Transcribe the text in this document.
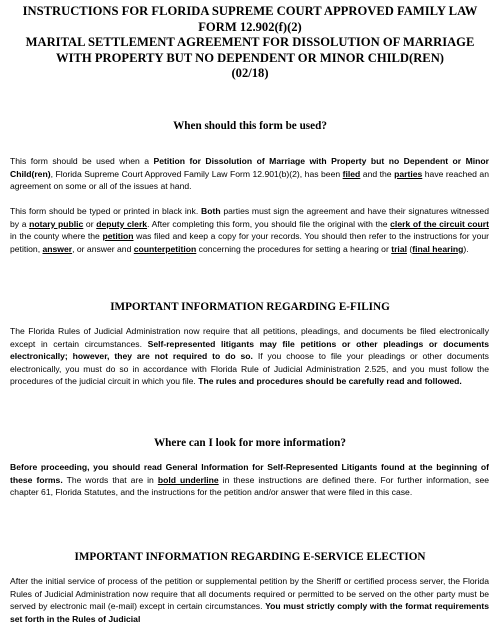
INSTRUCTIONS FOR FLORIDA SUPREME COURT APPROVED FAMILY LAW
FORM 12.902(f)(2)
MARITAL SETTLEMENT AGREEMENT FOR DISSOLUTION OF MARRIAGE
WITH PROPERTY BUT NO DEPENDENT OR MINOR CHILD(REN)
(02/18)
When should this form be used?

This form should be used when a Petition for Dissolution of Marriage with Property but no Dependent or Minor Child(ren), Florida Supreme Court Approved Family Law Form 12.901(b)(2), has been filed and the parties have reached an agreement on some or all of the issues at hand.

This form should be typed or printed in black ink. Both parties must sign the agreement and have their signatures witnessed by a notary public or deputy clerk. After completing this form, you should file the original with the clerk of the circuit court in the county where the petition was filed and keep a copy for your records. You should then refer to the instructions for your petition, answer, or answer and counterpetition concerning the procedures for setting a hearing or trial (final hearing).

IMPORTANT INFORMATION REGARDING E-FILING

The Florida Rules of Judicial Administration now require that all petitions, pleadings, and documents be filed electronically except in certain circumstances. Self-represented litigants may file petitions or other pleadings or documents electronically; however, they are not required to do so. If you choose to file your pleadings or other documents electronically, you must do so in accordance with Florida Rule of Judicial Administration 2.525, and you must follow the procedures of the judicial circuit in which you file. The rules and procedures should be carefully read and followed.

Where can I look for more information?

Before proceeding, you should read General Information for Self-Represented Litigants found at the beginning of these forms. The words that are in bold underline in these instructions are defined there. For further information, see chapter 61, Florida Statutes, and the instructions for the petition and/or answer that were filed in this case.

IMPORTANT INFORMATION REGARDING E-SERVICE ELECTION

After the initial service of process of the petition or supplemental petition by the Sheriff or certified process server, the Florida Rules of Judicial Administration now require that all documents required or permitted to be served on the other party must be served by electronic mail (e-mail) except in certain circumstances. You must strictly comply with the format requirements set forth in the Rules of Judicial
